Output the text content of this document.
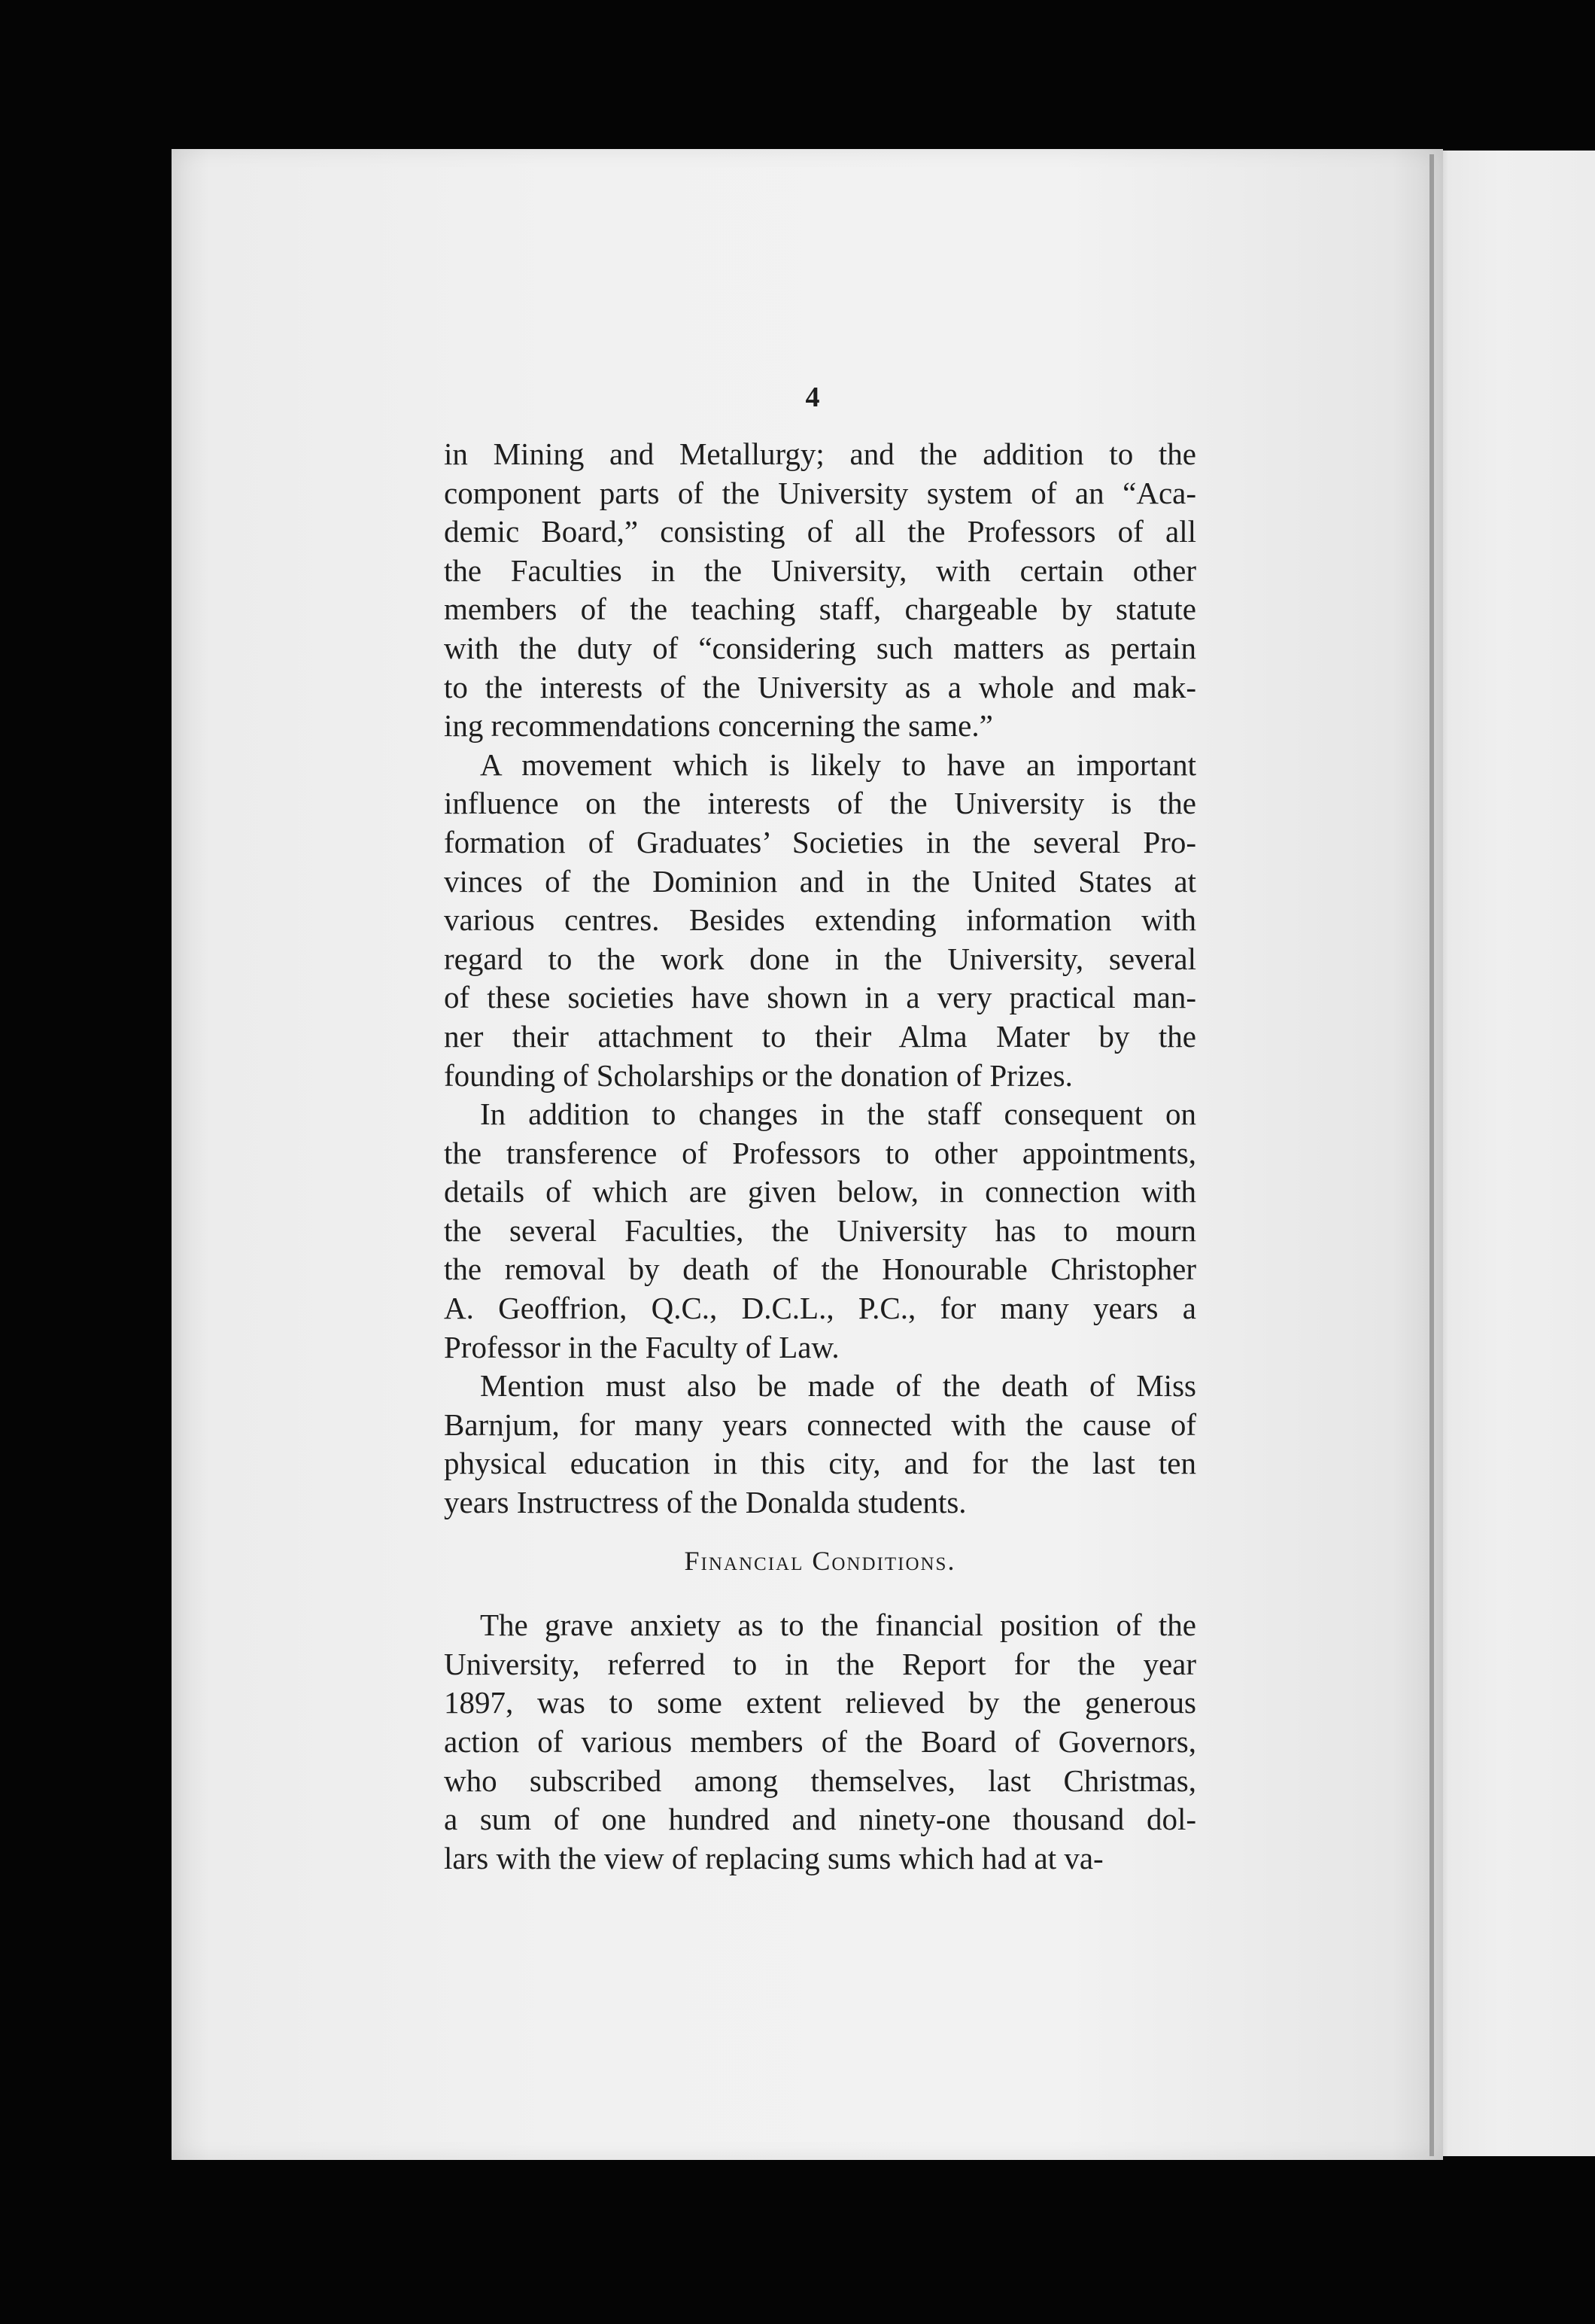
4
in Mining and Metallurgy; and the addition to the
component parts of the University system of an “Aca-
demic Board,” consisting of all the Professors of all
the Faculties in the University, with certain other
members of the teaching staff, chargeable by statute
with the duty of “considering such matters as pertain
to the interests of the University as a whole and mak-
ing recommendations concerning the same.”
A movement which is likely to have an important
influence on the interests of the University is the
formation of Graduates’ Societies in the several Pro-
vinces of the Dominion and in the United States at
various centres. Besides extending information with
regard to the work done in the University, several
of these societies have shown in a very practical man-
ner their attachment to their Alma Mater by the
founding of Scholarships or the donation of Prizes.
In addition to changes in the staff consequent on
the transference of Professors to other appointments,
details of which are given below, in connection with
the several Faculties, the University has to mourn
the removal by death of the Honourable Christopher
A. Geoffrion, Q.C., D.C.L., P.C., for many years a
Professor in the Faculty of Law.
Mention must also be made of the death of Miss
Barnjum, for many years connected with the cause of
physical education in this city, and for the last ten
years Instructress of the Donalda students.
Financial Conditions.
The grave anxiety as to the financial position of the
University, referred to in the Report for the year
1897, was to some extent relieved by the generous
action of various members of the Board of Governors,
who subscribed among themselves, last Christmas,
a sum of one hundred and ninety-one thousand dol-
lars with the view of replacing sums which had at va-
